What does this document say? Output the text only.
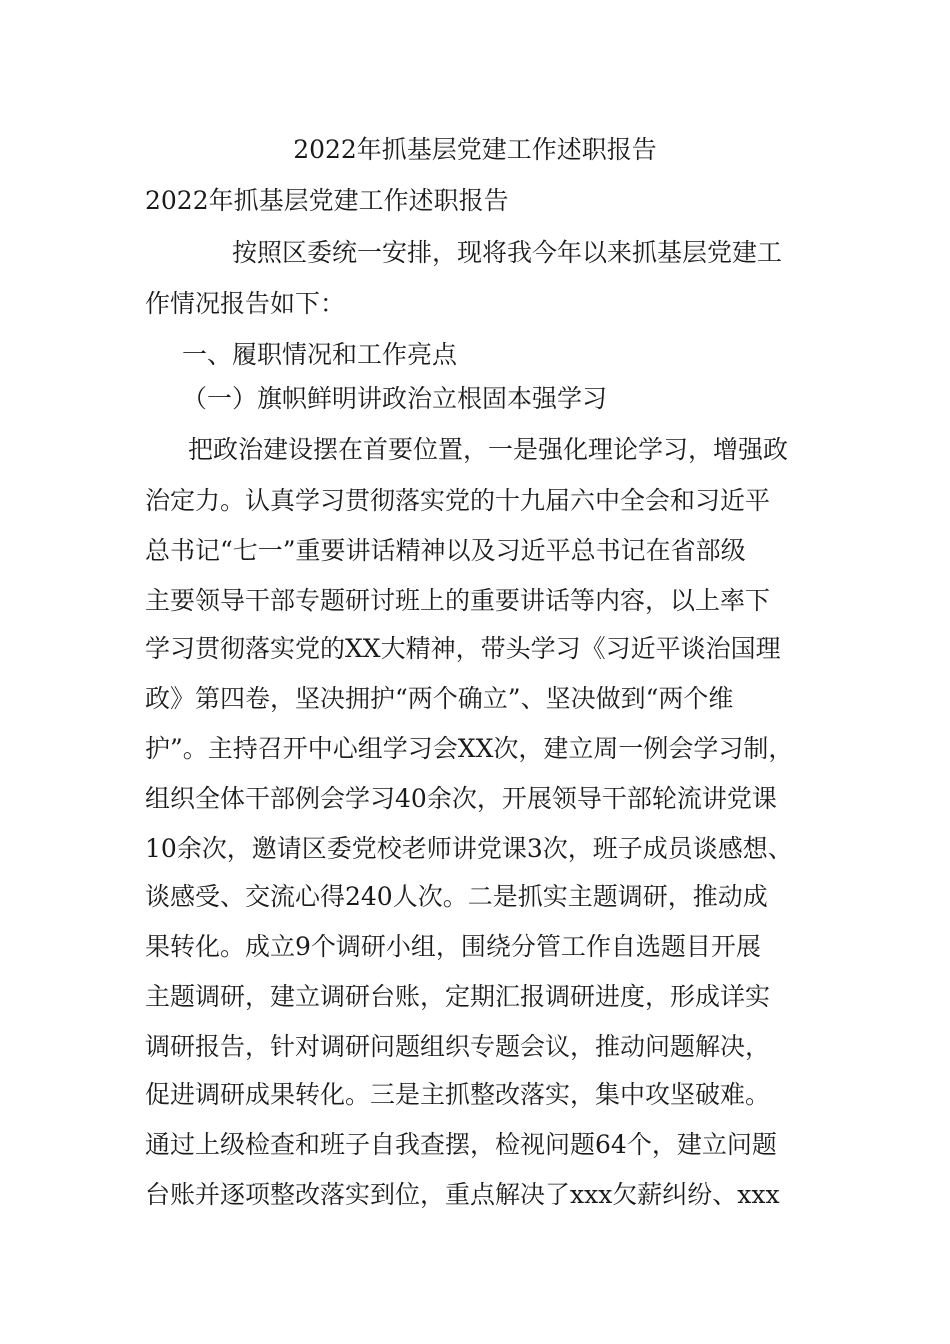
2022年抓基层党建工作述职报告

2022年抓基层党建工作述职报告

按照区委统一安排，现将我今年以来抓基层党建工

作情况报告如下：

一、履职情况和工作亮点

（一）旗帜鲜明讲政治立根固本强学习

把政治建设摆在首要位置，一是强化理论学习，增强政

治定力。认真学习贯彻落实党的十九届六中全会和习近平

总书记“七一”重要讲话精神以及习近平总书记在省部级

主要领导干部专题研讨班上的重要讲话等内容，以上率下

学习贯彻落实党的XX大精神，带头学习《习近平谈治国理

政》第四卷，坚决拥护“两个确立”、坚决做到“两个维

护”。主持召开中心组学习会XX次，建立周一例会学习制，

组织全体干部例会学习40余次，开展领导干部轮流讲党课

10余次，邀请区委党校老师讲党课3次，班子成员谈感想、

谈感受、交流心得240人次。二是抓实主题调研，推动成

果转化。成立9个调研小组，围绕分管工作自选题目开展

主题调研，建立调研台账，定期汇报调研进度，形成详实

调研报告，针对调研问题组织专题会议，推动问题解决，

促进调研成果转化。三是主抓整改落实，集中攻坚破难。

通过上级检查和班子自我查摆，检视问题64个，建立问题

台账并逐项整改落实到位，重点解决了xxx欠薪纠纷、xxx
